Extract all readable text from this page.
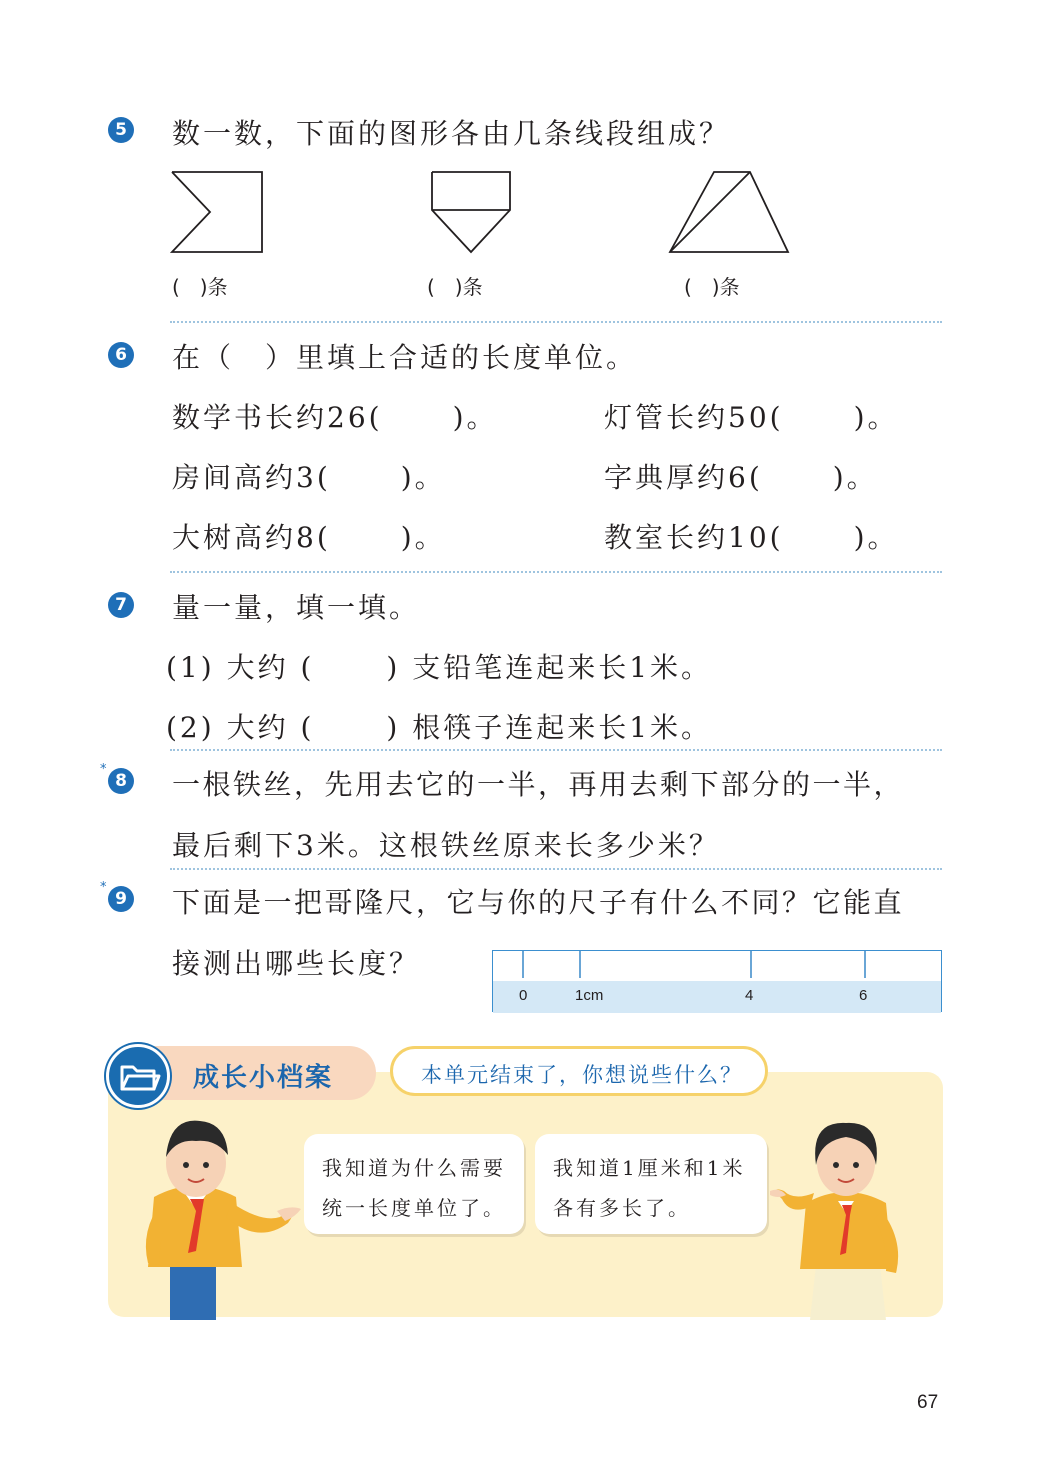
5 数一数，下面的图形各由几条线段组成？
(　)条	(　)条	(　)条
6 在（　）里填上合适的长度单位。
数学书长约26(	)。	灯管长约50(	)。
房间高约3(	)。	字典厚约6(	)。
大树高约8(	)。	教室长约10(	)。
7 量一量，填一填。
(1) 大约 (	) 支铅笔连起来长1米。
(2) 大约 (	) 根筷子连起来长1米。
*
8 一根铁丝，先用去它的一半，再用去剩下部分的一半，
最后剩下3米。这根铁丝原来长多少米？
*
9 下面是一把哥隆尺，它与你的尺子有什么不同？它能直
接测出哪些长度？
0	1cm	4	6
成长小档案	本单元结束了，你想说些什么？
我知道为什么需要
统一长度单位了。
我知道1厘米和1米
各有多长了。
67
